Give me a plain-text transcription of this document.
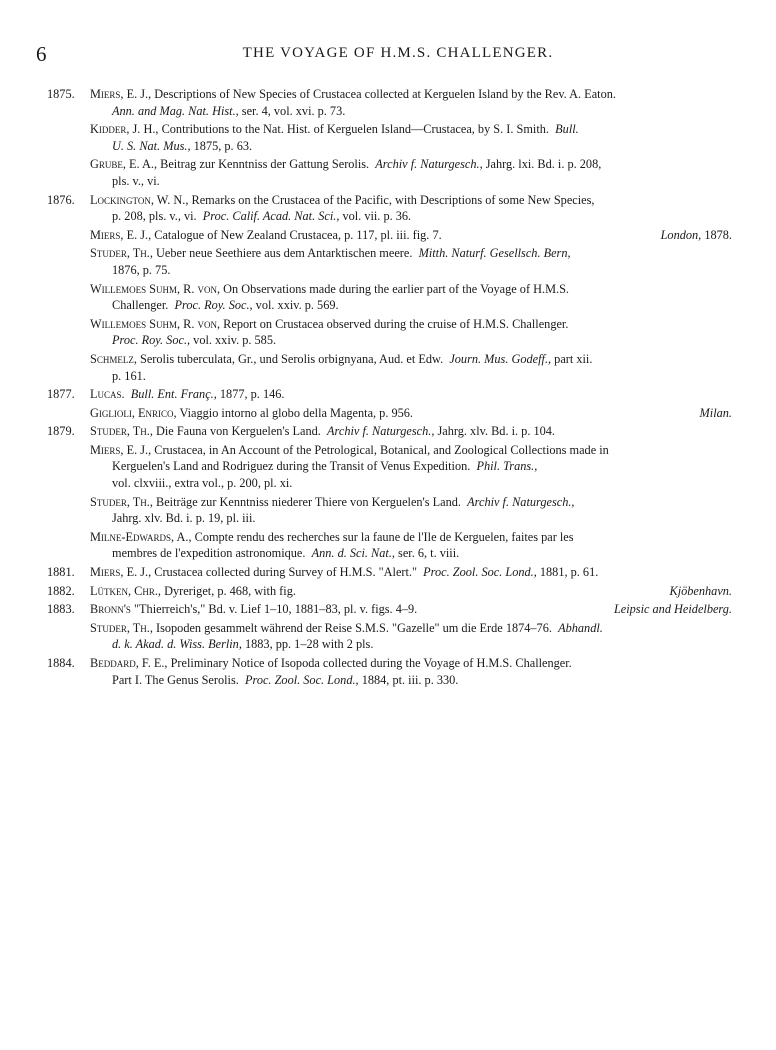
6	THE VOYAGE OF H.M.S. CHALLENGER.
1875.	Miers, E. J., Descriptions of New Species of Crustacea collected at Kerguelen Island by the Rev. A. Eaton.
Ann. and Mag. Nat. Hist., ser. 4, vol. xvi. p. 73.
Kidder, J. H., Contributions to the Nat. Hist. of Kerguelen Island—Crustacea, by S. I. Smith. Bull.
U. S. Nat. Mus., 1875, p. 63.
Grube, E. A., Beitrag zur Kenntniss der Gattung Serolis. Archiv f. Naturgesch., Jahrg. lxi. Bd. i. p. 208,
pls. v., vi.
1876.	Lockington, W. N., Remarks on the Crustacea of the Pacific, with Descriptions of some New Species,
p. 208, pls. v., vi. Proc. Calif. Acad. Nat. Sci., vol. vii. p. 36.
Miers, E. J., Catalogue of New Zealand Crustacea, p. 117, pl. iii. fig. 7.	London, 1878.
Studer, Th., Ueber neue Seethiere aus dem Antarktischen meere. Mitth. Naturf. Gesellsch. Bern,
1876, p. 75.
Willemoes Suhm, R. von, On Observations made during the earlier part of the Voyage of H.M.S.
Challenger. Proc. Roy. Soc., vol. xxiv. p. 569.
Willemoes Suhm, R. von, Report on Crustacea observed during the cruise of H.M.S. Challenger.
Proc. Roy. Soc., vol. xxiv. p. 585.
Schmelz, Serolis tuberculata, Gr., und Serolis orbignyana, Aud. et Edw. Journ. Mus. Godeff., part xii.
p. 161.
1877.	Lucas. Bull. Ent. Franç., 1877, p. 146.
Giglioli, Enrico, Viaggio intorno al globo della Magenta, p. 956.	Milan.
1879.	Studer, Th., Die Fauna von Kerguelen's Land. Archiv f. Naturgesch., Jahrg. xlv. Bd. i. p. 104.
Miers, E. J., Crustacea, in An Account of the Petrological, Botanical, and Zoological Collections made in
Kerguelen's Land and Rodriguez during the Transit of Venus Expedition. Phil. Trans.,
vol. clxviii., extra vol., p. 200, pl. xi.
Studer, Th., Beiträge zur Kenntniss niederer Thiere von Kerguelen's Land. Archiv f. Naturgesch.,
Jahrg. xlv. Bd. i. p. 19, pl. iii.
Milne-Edwards, A., Compte rendu des recherches sur la faune de l'Ile de Kerguelen, faites par les
membres de l'expedition astronomique. Ann. d. Sci. Nat., ser. 6, t. viii.
1881.	Miers, E. J., Crustacea collected during Survey of H.M.S. "Alert." Proc. Zool. Soc. Lond., 1881, p. 61.
1882.	Lütken, Chr., Dyreriget, p. 468, with fig.	Kjöbenhavn.
1883.	Bronn's "Thierreich's," Bd. v. Lief 1–10, 1881–83, pl. v. figs. 4–9.	Leipsic and Heidelberg.
Studer, Th., Isopoden gesammelt während der Reise S.M.S. "Gazelle" um die Erde 1874–76. Abhandl.
d. k. Akad. d. Wiss. Berlin, 1883, pp. 1–28 with 2 pls.
1884.	Beddard, F. E., Preliminary Notice of Isopoda collected during the Voyage of H.M.S. Challenger.
Part I. The Genus Serolis. Proc. Zool. Soc. Lond., 1884, pt. iii. p. 330.
